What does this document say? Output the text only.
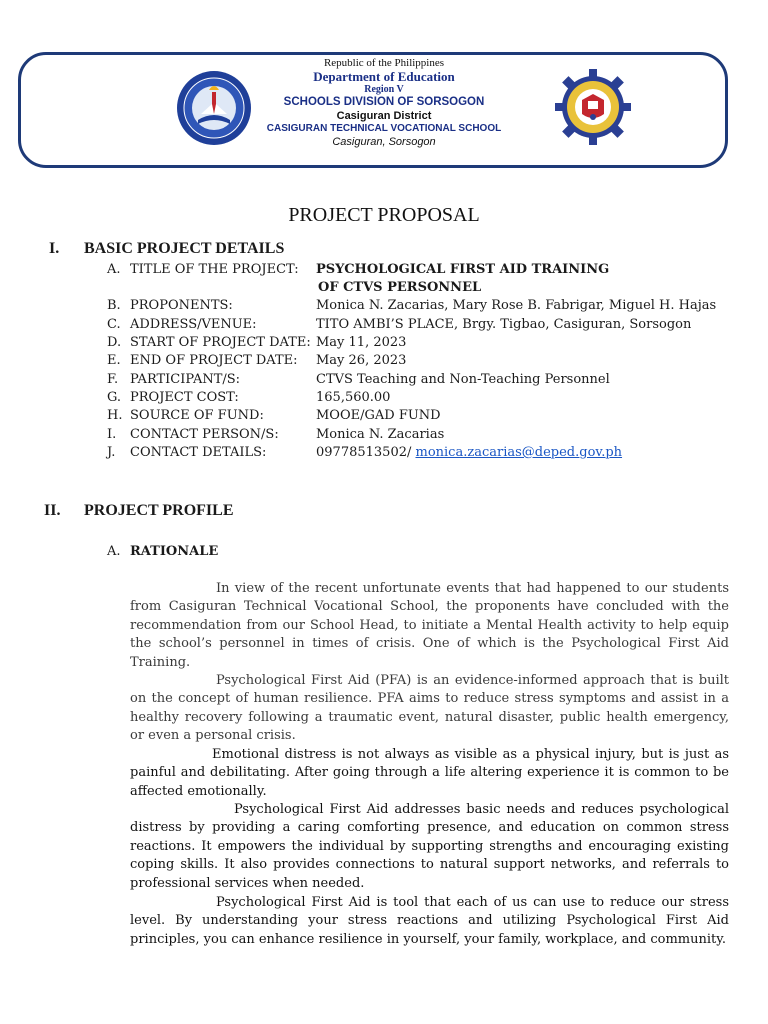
Republic of the Philippines
Department of Education
Region V
SCHOOLS DIVISION OF SORSOGON
Casiguran District
CASIGURAN TECHNICAL VOCATIONAL SCHOOL
Casiguran, Sorsogon
PROJECT PROPOSAL
I. BASIC PROJECT DETAILS
A. TITLE OF THE PROJECT: PSYCHOLOGICAL FIRST AID TRAINING
OF CTVS PERSONNEL
B. PROPONENTS:	Monica N. Zacarias, Mary Rose B. Fabrigar, Miguel H. Hajas
C. ADDRESS/VENUE:	TITO AMBI’S PLACE, Brgy. Tigbao, Casiguran, Sorsogon
D. START OF PROJECT DATE: May 11, 2023
E. END OF PROJECT DATE: May 26, 2023
F. PARTICIPANT/S:	CTVS Teaching and Non-Teaching Personnel
G. PROJECT COST:	165,560.00
H. SOURCE OF FUND:	MOOE/GAD FUND
I. CONTACT PERSON/S:	Monica N. Zacarias
J. CONTACT DETAILS:	09778513502/ monica.zacarias@deped.gov.ph
II. PROJECT PROFILE
A. RATIONALE

In view of the recent unfortunate events that had happened to our students from Casiguran Technical Vocational School, the proponents have concluded with the recommendation from our School Head, to initiate a Mental Health activity to help equip the school’s personnel in times of crisis. One of which is the Psychological First Aid Training.

Psychological First Aid (PFA) is an evidence-informed approach that is built on the concept of human resilience. PFA aims to reduce stress symptoms and assist in a healthy recovery following a traumatic event, natural disaster, public health emergency, or even a personal crisis.

Emotional distress is not always as visible as a physical injury, but is just as painful and debilitating. After going through a life altering experience it is common to be affected emotionally.

Psychological First Aid addresses basic needs and reduces psychological distress by providing a caring comforting presence, and education on common stress reactions. It empowers the individual by supporting strengths and encouraging existing coping skills. It also provides connections to natural support networks, and referrals to professional services when needed.

Psychological First Aid is tool that each of us can use to reduce our stress level. By understanding your stress reactions and utilizing Psychological First Aid principles, you can enhance resilience in yourself, your family, workplace, and community.
